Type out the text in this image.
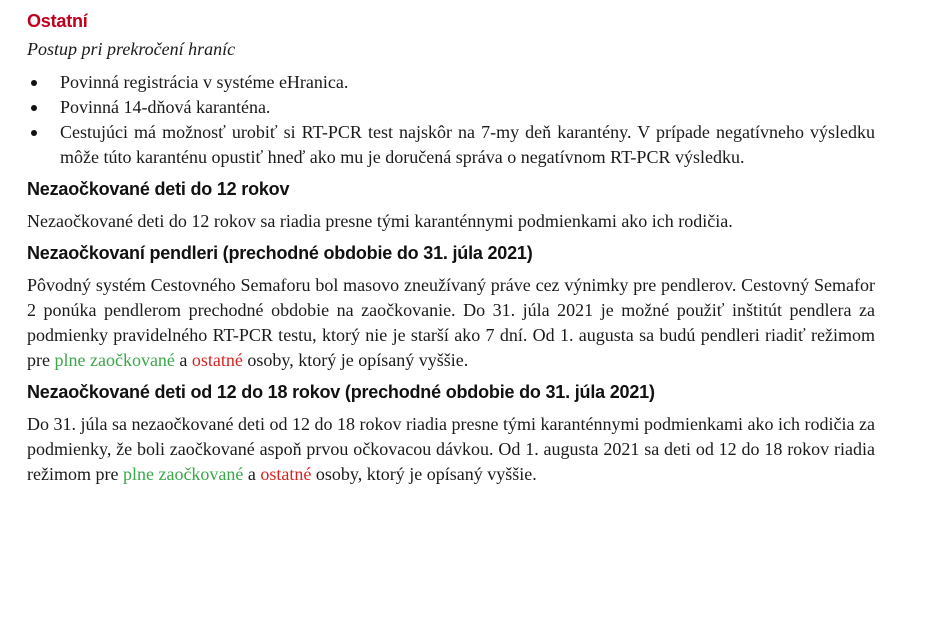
Ostatní

Postup pri prekročení hraníc

Povinná registrácia v systéme eHranica.
Povinná 14-dňová karanténa.
Cestujúci má možnosť urobiť si RT-PCR test najskôr na 7-my deň karantény. V prípade negatívneho výsledku môže túto karanténu opustiť hneď ako mu je doručená správa o negatívnom RT-PCR výsledku.
Nezaočkované deti do 12 rokov

Nezaočkované deti do 12 rokov sa riadia presne tými karanténnymi podmienkami ako ich rodičia.

Nezaočkovaní pendleri (prechodné obdobie do 31. júla 2021)

Pôvodný systém Cestovného Semaforu bol masovo zneužívaný práve cez výnimky pre pendlerov. Cestovný Semafor 2 ponúka pendlerom prechodné obdobie na zaočkovanie. Do 31. júla 2021 je možné použiť inštitút pendlera za podmienky pravidelného RT-PCR testu, ktorý nie je starší ako 7 dní. Od 1. augusta sa budú pendleri riadiť režimom pre plne zaočkované a ostatné osoby, ktorý je opísaný vyššie.

Nezaočkované deti od 12 do 18 rokov (prechodné obdobie do 31. júla 2021)

Do 31. júla sa nezaočkované deti od 12 do 18 rokov riadia presne tými karanténnymi podmienkami ako ich rodičia za podmienky, že boli zaočkované aspoň prvou očkovacou dávkou. Od 1. augusta 2021 sa deti od 12 do 18 rokov riadia režimom pre plne zaočkované a ostatné osoby, ktorý je opísaný vyššie.
